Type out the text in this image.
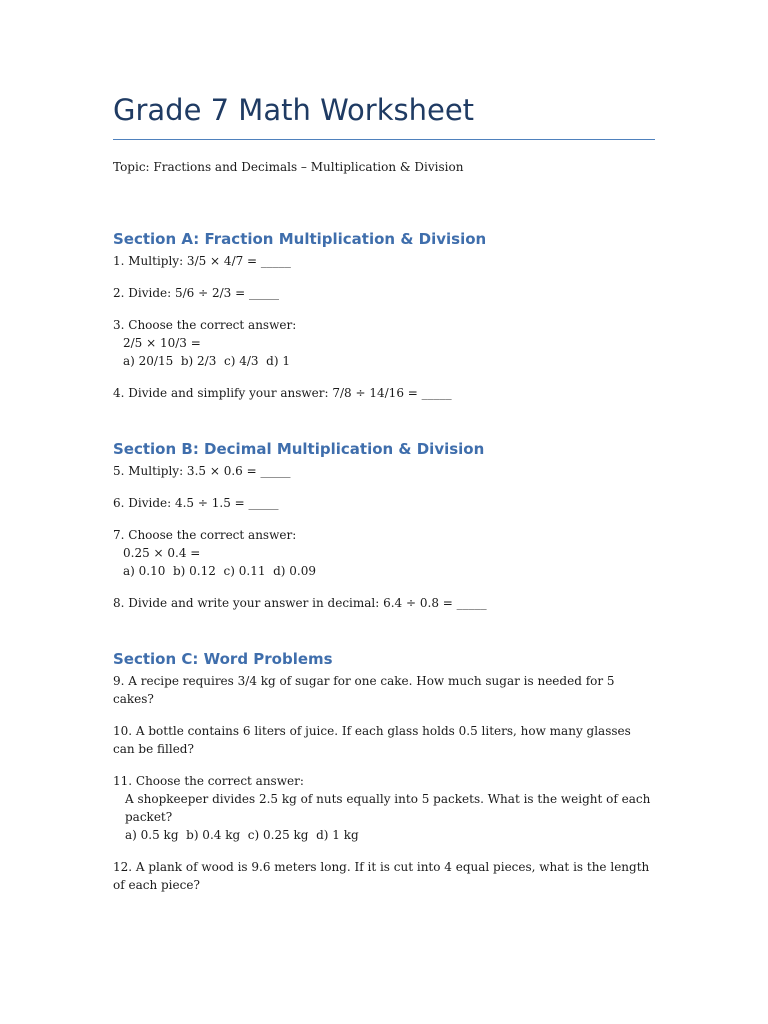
Grade 7 Math Worksheet
Topic: Fractions and Decimals – Multiplication & Division
Section A: Fraction Multiplication & Division
1. Multiply: 3/5 × 4/7 = _____
2. Divide: 5/6 ÷ 2/3 = _____
3. Choose the correct answer:
2/5 × 10/3 =
a) 20/15  b) 2/3  c) 4/3  d) 1
4. Divide and simplify your answer: 7/8 ÷ 14/16 = _____
Section B: Decimal Multiplication & Division
5. Multiply: 3.5 × 0.6 = _____
6. Divide: 4.5 ÷ 1.5 = _____
7. Choose the correct answer:
0.25 × 0.4 =
a) 0.10  b) 0.12  c) 0.11  d) 0.09
8. Divide and write your answer in decimal: 6.4 ÷ 0.8 = _____
Section C: Word Problems
9. A recipe requires 3/4 kg of sugar for one cake. How much sugar is needed for 5 cakes?
10. A bottle contains 6 liters of juice. If each glass holds 0.5 liters, how many glasses can be filled?
11. Choose the correct answer:
A shopkeeper divides 2.5 kg of nuts equally into 5 packets. What is the weight of each packet?
a) 0.5 kg  b) 0.4 kg  c) 0.25 kg  d) 1 kg
12. A plank of wood is 9.6 meters long. If it is cut into 4 equal pieces, what is the length of each piece?
